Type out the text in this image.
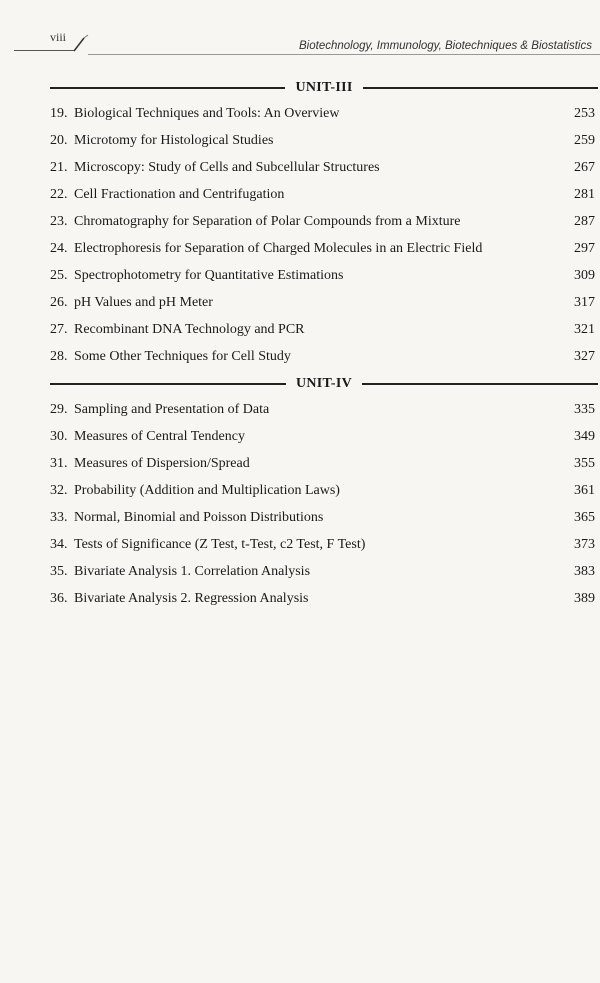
viii
Biotechnology, Immunology, Biotechniques & Biostatistics
UNIT-III
19. Biological Techniques and Tools: An Overview	253
20. Microtomy for Histological Studies	259
21. Microscopy: Study of Cells and Subcellular Structures	267
22. Cell Fractionation and Centrifugation	281
23. Chromatography for Separation of Polar Compounds from a Mixture	287
24. Electrophoresis for Separation of Charged Molecules in an Electric Field	297
25. Spectrophotometry for Quantitative Estimations	309
26. pH Values and pH Meter	317
27. Recombinant DNA Technology and PCR	321
28. Some Other Techniques for Cell Study	327
UNIT-IV
29. Sampling and Presentation of Data	335
30. Measures of Central Tendency	349
31. Measures of Dispersion/Spread	355
32. Probability (Addition and Multiplication Laws)	361
33. Normal, Binomial and Poisson Distributions	365
34. Tests of Significance (Z Test, t-Test, c2 Test, F Test)	373
35. Bivariate Analysis 1. Correlation Analysis	383
36. Bivariate Analysis 2. Regression Analysis	389
